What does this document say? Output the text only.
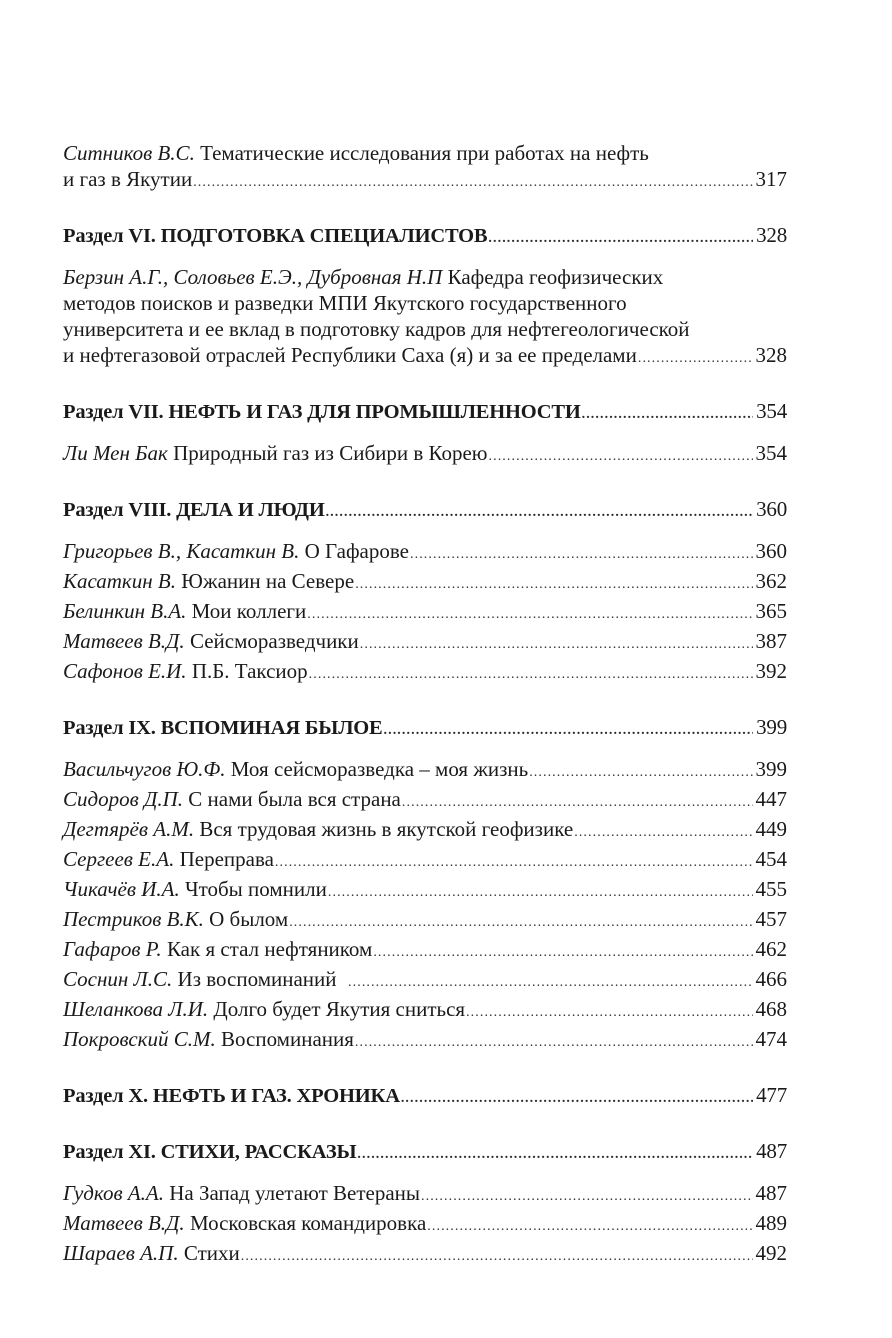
Ситников В.С. Тематические исследования при работах на нефть
и газ в Якутии .....	317
Раздел VI. ПОДГОТОВКА СПЕЦИАЛИСТОВ .....	328
Берзин А.Г., Соловьев Е.Э., Дубровная Н.П Кафедра геофизических
методов поисков и разведки МПИ Якутского государственного
университета и ее вклад в подготовку кадров для нефтегеологической
и нефтегазовой отраслей Республики Саха (я) и за ее пределами .....	328
Раздел VII. НЕФТЬ И ГАЗ ДЛЯ ПРОМЫШЛЕННОСТИ .....	354
Ли Мен Бак Природный газ из Сибири в Корею .....	354
Раздел VIII. ДЕЛА И ЛЮДИ .....	360
Григорьев В., Касаткин В. О Гафарове .....	360
Касаткин В. Южанин на Севере .....	362
Белинкин В.А. Мои коллеги .....	365
Матвеев В.Д. Сейсморазведчики .....	387
Сафонов Е.И. П.Б. Таксиор .....	392
Раздел IX. ВСПОМИНАЯ БЫЛОЕ .....	399
Васильчугов Ю.Ф. Моя сейсморазведка – моя жизнь .....	399
Сидоров Д.П. С нами была вся страна .....	447
Дегтярёв А.М. Вся трудовая жизнь в якутской геофизике .....	449
Сергеев Е.А. Переправа .....	454
Чикачёв И.А. Чтобы помнили .....	455
Пестриков В.К. О былом .....	457
Гафаров Р. Как я стал нефтяником .....	462
Соснин Л.С. Из воспоминаний .....	466
Шеланкова Л.И. Долго будет Якутия сниться .....	468
Покровский С.М. Воспоминания .....	474
Раздел X. НЕФТЬ И ГАЗ. ХРОНИКА .....	477
Раздел XI. СТИХИ, РАССКАЗЫ .....	487
Гудков А.А. На Запад улетают Ветераны .....	487
Матвеев В.Д. Московская командировка .....	489
Шараев А.П. Стихи .....	492
